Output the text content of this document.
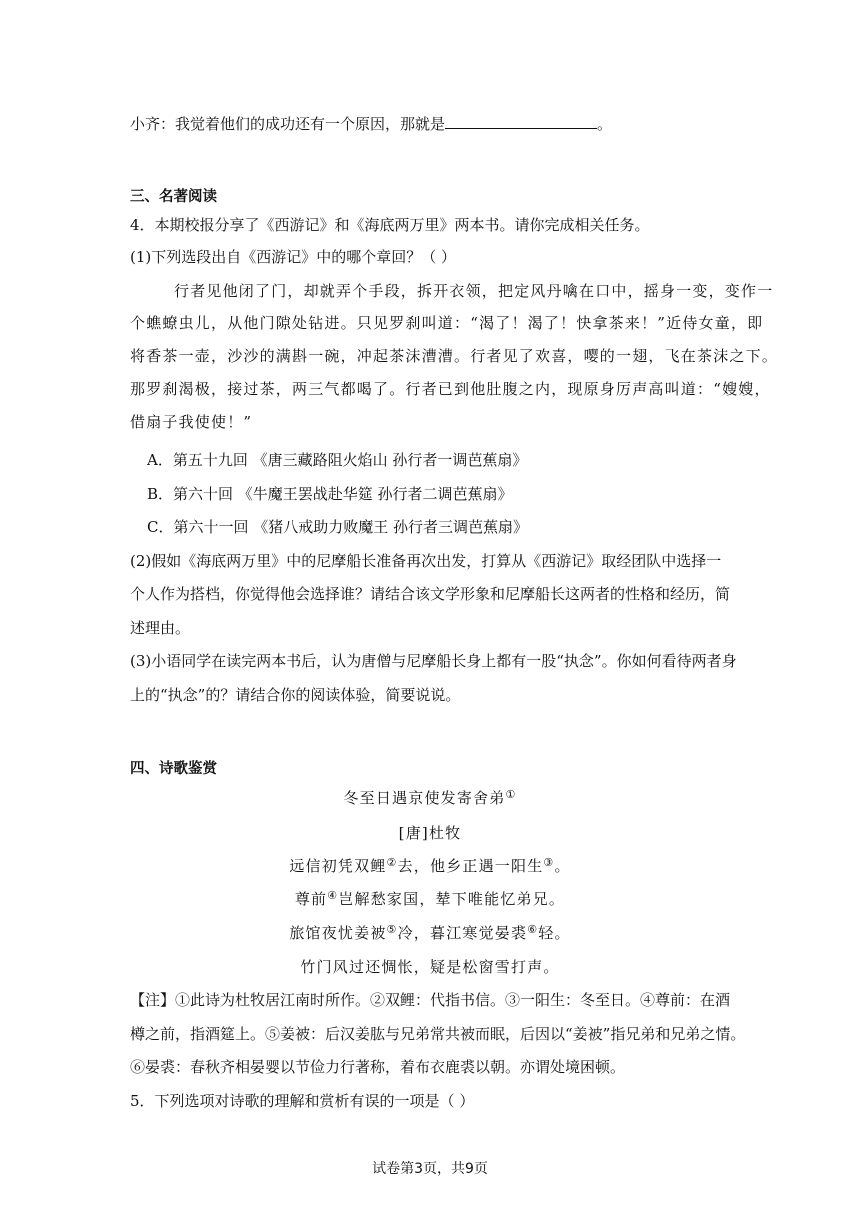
小齐：我觉着他们的成功还有一个原因，那就是	。
三、名著阅读
4．本期校报分享了《西游记》和《海底两万里》两本书。请你完成相关任务。
(1)下列选段出自《西游记》中的哪个章回？（ ）
行者见他闭了门，却就弄个手段，拆开衣领，把定风丹噙在口中，摇身一变，变作一
个蟭蟟虫儿，从他门隙处钻进。只见罗刹叫道：“渴了！渴了！快拿茶来！”近侍女童，即
将香茶一壶，沙沙的满斟一碗，冲起茶沫漕漕。行者见了欢喜，嘤的一翅，飞在茶沫之下。
那罗刹渴极，接过茶，两三气都喝了。行者已到他肚腹之内，现原身厉声高叫道：“嫂嫂，
借扇子我使使！”
A．第五十九回 《唐三藏路阻火焰山 孙行者一调芭蕉扇》
B．第六十回 《牛魔王罢战赴华筵 孙行者二调芭蕉扇》
C．第六十一回 《猪八戒助力败魔王 孙行者三调芭蕉扇》
(2)假如《海底两万里》中的尼摩船长准备再次出发，打算从《西游记》取经团队中选择一
个人作为搭档，你觉得他会选择谁？请结合该文学形象和尼摩船长这两者的性格和经历，简
述理由。
(3)小语同学在读完两本书后，认为唐僧与尼摩船长身上都有一股“执念”。你如何看待两者身
上的“执念”的？请结合你的阅读体验，简要说说。
四、诗歌鉴赏
冬至日遇京使发寄舍弟①
[唐]杜牧
远信初凭双鲤②去，他乡正遇一阳生③。
尊前④岂解愁家国，辇下唯能忆弟兄。
旅馆夜忧姜被⑤冷，暮江寒觉晏裘⑥轻。
竹门风过还惆怅，疑是松窗雪打声。
【注】①此诗为杜牧居江南时所作。②双鲤：代指书信。③一阳生：冬至日。④尊前：在酒
樽之前，指酒筵上。⑤姜被：后汉姜肱与兄弟常共被而眠，后因以“姜被”指兄弟和兄弟之情。
⑥晏裘：春秋齐相晏婴以节俭力行著称，着布衣鹿裘以朝。亦谓处境困顿。
5．下列选项对诗歌的理解和赏析有误的一项是（ ）
试卷第3页，共9页
